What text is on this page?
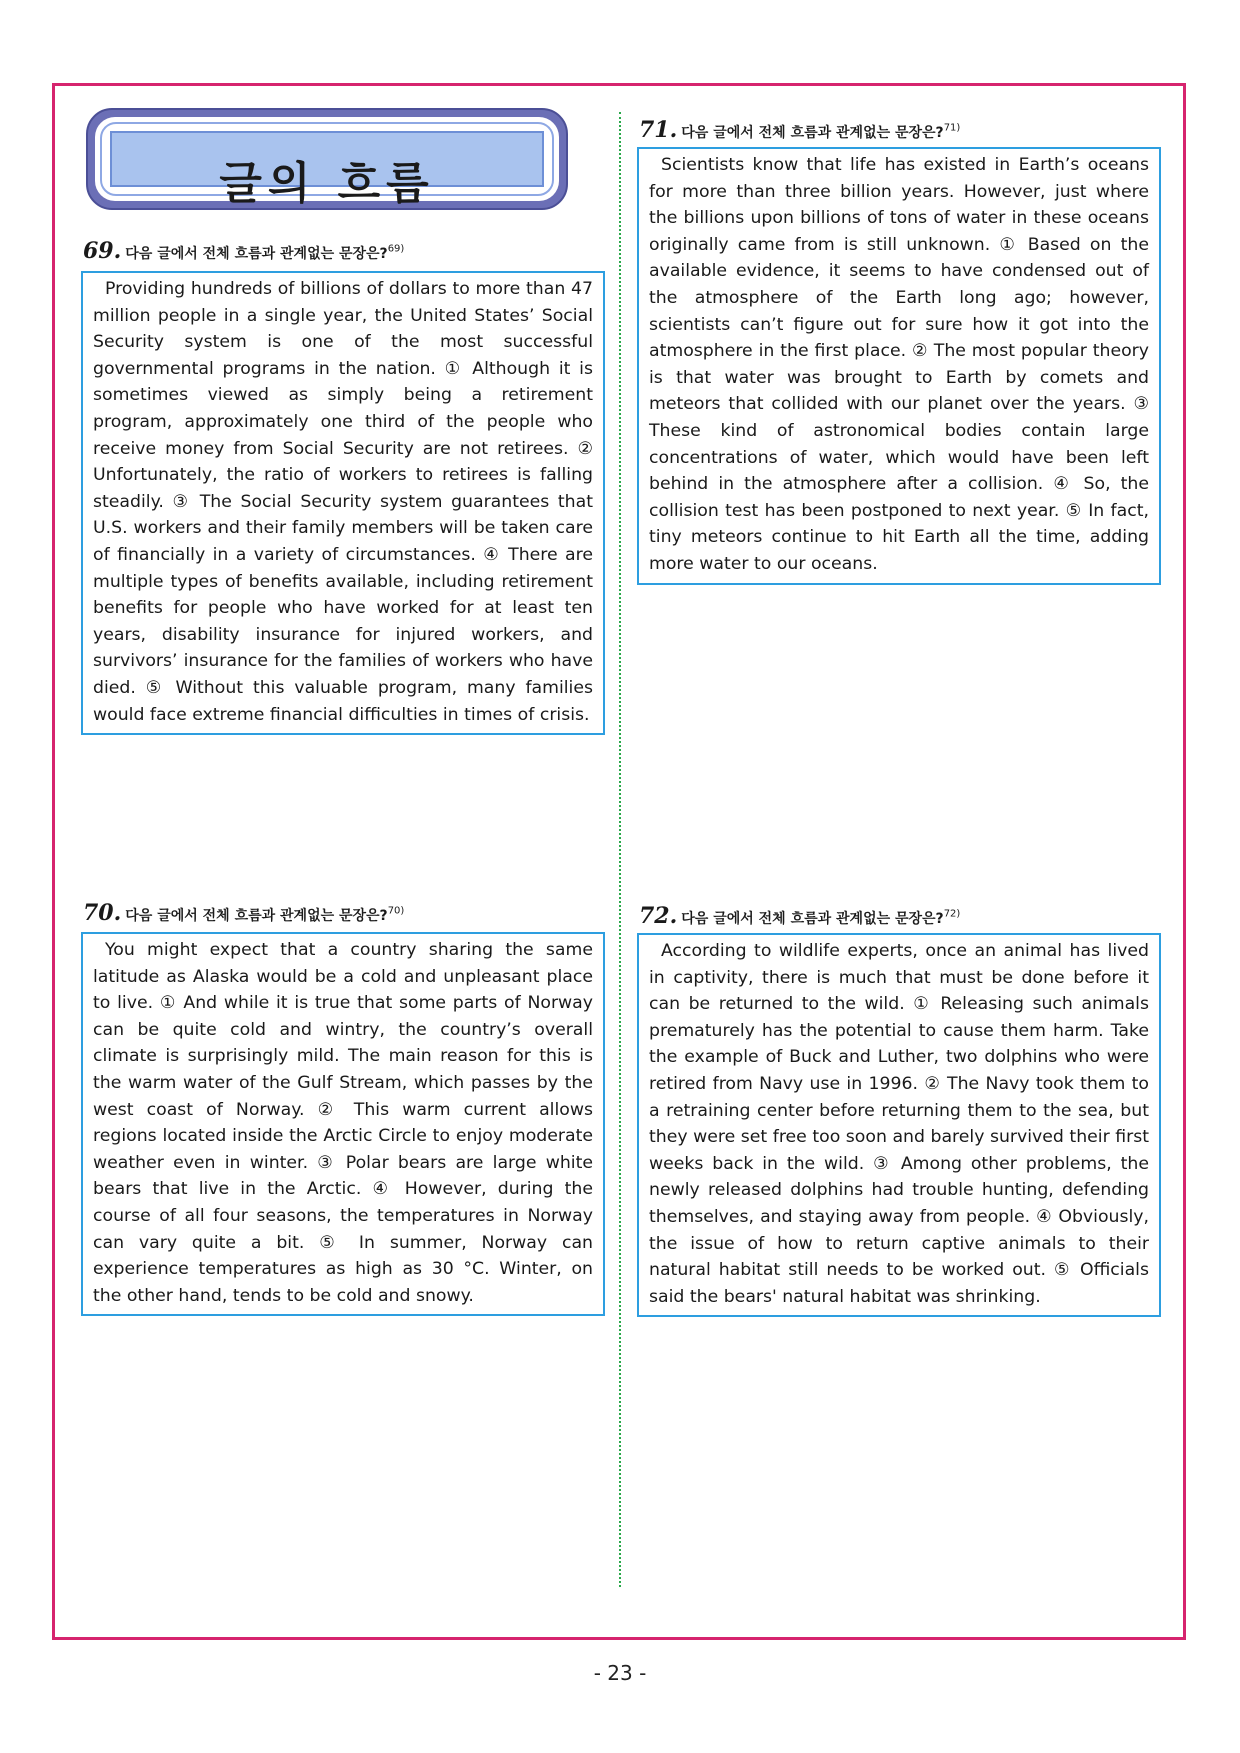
글의 흐름
69. 다음 글에서 전체 흐름과 관계없는 문장은?$^{69)}$

Providing hundreds of billions of dollars to more than 47 million people in a single year, the United States’ Social Security system is one of the most successful governmental programs in the nation. ① Although it is sometimes viewed as simply being a retirement program, approximately one third of the people who receive money from Social Security are not retirees. ② Unfortunately, the ratio of workers to retirees is falling steadily. ③ The Social Security system guarantees that U.S. workers and their family members will be taken care of financially in a variety of circumstances. ④ There are multiple types of benefits available, including retirement benefits for people who have worked for at least ten years, disability insurance for injured workers, and survivors’ insurance for the families of workers who have died. ⑤ Without this valuable program, many families would face extreme financial difficulties in times of crisis.

70. 다음 글에서 전체 흐름과 관계없는 문장은?$^{70)}$

You might expect that a country sharing the same latitude as Alaska would be a cold and unpleasant place to live. ① And while it is true that some parts of Norway can be quite cold and wintry, the country’s overall climate is surprisingly mild. The main reason for this is the warm water of the Gulf Stream, which passes by the west coast of Norway. ② This warm current allows regions located inside the Arctic Circle to enjoy moderate weather even in winter. ③ Polar bears are large white bears that live in the Arctic. ④ However, during the course of all four seasons, the temperatures in Norway can vary quite a bit. ⑤ In summer, Norway can experience temperatures as high as 30 °C. Winter, on the other hand, tends to be cold and snowy.

71. 다음 글에서 전체 흐름과 관계없는 문장은?$^{71)}$

Scientists know that life has existed in Earth’s oceans for more than three billion years. However, just where the billions upon billions of tons of water in these oceans originally came from is still unknown. ① Based on the available evidence, it seems to have condensed out of the atmosphere of the Earth long ago; however, scientists can’t figure out for sure how it got into the atmosphere in the first place. ② The most popular theory is that water was brought to Earth by comets and meteors that collided with our planet over the years. ③ These kind of astronomical bodies contain large concentrations of water, which would have been left behind in the atmosphere after a collision. ④ So, the collision test has been postponed to next year. ⑤ In fact, tiny meteors continue to hit Earth all the time, adding more water to our oceans.

72. 다음 글에서 전체 흐름과 관계없는 문장은?$^{72)}$

According to wildlife experts, once an animal has lived in captivity, there is much that must be done before it can be returned to the wild. ① Releasing such animals prematurely has the potential to cause them harm. Take the example of Buck and Luther, two dolphins who were retired from Navy use in 1996. ② The Navy took them to a retraining center before returning them to the sea, but they were set free too soon and barely survived their first weeks back in the wild. ③ Among other problems, the newly released dolphins had trouble hunting, defending themselves, and staying away from people. ④ Obviously, the issue of how to return captive animals to their natural habitat still needs to be worked out. ⑤ Officials said the bears' natural habitat was shrinking.

- 23 -
